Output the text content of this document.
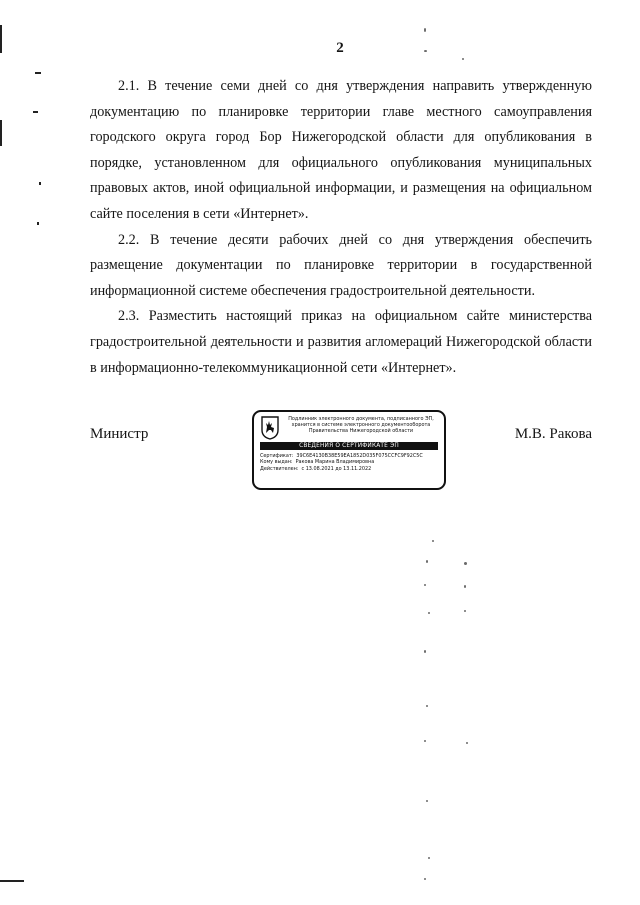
2

2.1. В течение семи дней со дня утверждения направить утвержденную документацию по планировке территории главе местного самоуправления городского округа город Бор Нижегородской области для опубликования в порядке, установленном для официального опубликования муниципальных правовых актов, иной официальной информации, и размещения на официальном сайте поселения в сети «Интернет».

2.2. В течение десяти рабочих дней со дня утверждения обеспечить размещение документации по планировке территории в государственной информационной системе обеспечения градостроительной деятельности.

2.3. Разместить настоящий приказ на официальном сайте министерства градостроительной деятельности и развития агломераций Нижегородской области в информационно-телекоммуникационной сети «Интернет».

Министр	М.В. Ракова
Подлинник электронного документа, подписанного ЭП,
хранится в системе электронного документооборота
Правительства Нижегородской области
СВЕДЕНИЯ О СЕРТИФИКАТЕ ЭП
Сертификат: 39C6E4130B38E59EA1852D035F075CCFC9F92C5C
Кому выдан: Ракова Марина Владимировна
Действителен: с 13.08.2021 до 13.11.2022
